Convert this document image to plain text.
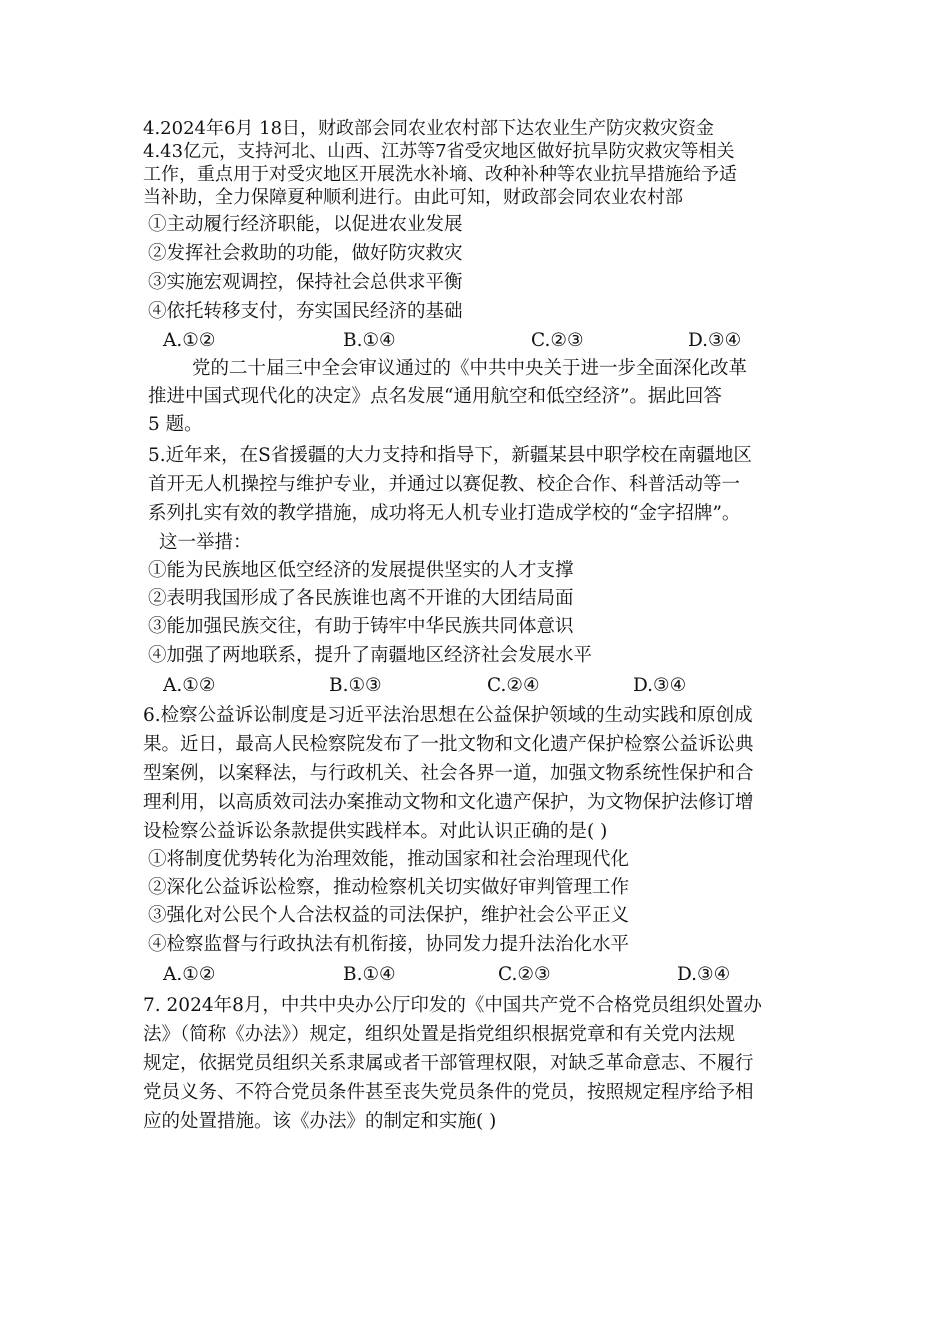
4.2024年6月 18日，财政部会同农业农村部下达农业生产防灾救灾资金
4.43亿元，支持河北、山西、江苏等7省受灾地区做好抗旱防灾救灾等相关
工作，重点用于对受灾地区开展洗水补墒、改种补种等农业抗旱措施给予适
当补助，全力保障夏种顺利进行。由此可知，财政部会同农业农村部
①主动履行经济职能，以促进农业发展
②发挥社会救助的功能，做好防灾救灾
③实施宏观调控，保持社会总供求平衡
④依托转移支付，夯实国民经济的基础
A.①②	B.①④	C.②③	D.③④
党的二十届三中全会审议通过的《中共中央关于进一步全面深化改革
推进中国式现代化的决定》点名发展“通用航空和低空经济”。据此回答
5 题。
5.近年来，在S省援疆的大力支持和指导下，新疆某县中职学校在南疆地区
首开无人机操控与维护专业，并通过以赛促教、校企合作、科普活动等一
系列扎实有效的教学措施，成功将无人机专业打造成学校的“金字招牌”。
这一举措：
①能为民族地区低空经济的发展提供坚实的人才支撑
②表明我国形成了各民族谁也离不开谁的大团结局面
③能加强民族交往，有助于铸牢中华民族共同体意识
④加强了两地联系，提升了南疆地区经济社会发展水平
A.①②	B.①③	C.②④	D.③④
6.检察公益诉讼制度是习近平法治思想在公益保护领域的生动实践和原创成
果。近日，最高人民检察院发布了一批文物和文化遗产保护检察公益诉讼典
型案例，以案释法，与行政机关、社会各界一道，加强文物系统性保护和合
理利用，以高质效司法办案推动文物和文化遗产保护，为文物保护法修订增
设检察公益诉讼条款提供实践样本。对此认识正确的是( )
①将制度优势转化为治理效能，推动国家和社会治理现代化
②深化公益诉讼检察，推动检察机关切实做好审判管理工作
③强化对公民个人合法权益的司法保护，维护社会公平正义
④检察监督与行政执法有机衔接，协同发力提升法治化水平
A.①②	B.①④	C.②③	D.③④
7. 2024年8月，中共中央办公厅印发的《中国共产党不合格党员组织处置办
法》（简称《办法》）规定，组织处置是指党组织根据党章和有关党内法规
规定，依据党员组织关系隶属或者干部管理权限，对缺乏革命意志、不履行
党员义务、不符合党员条件甚至丧失党员条件的党员，按照规定程序给予相
应的处置措施。该《办法》的制定和实施( )
